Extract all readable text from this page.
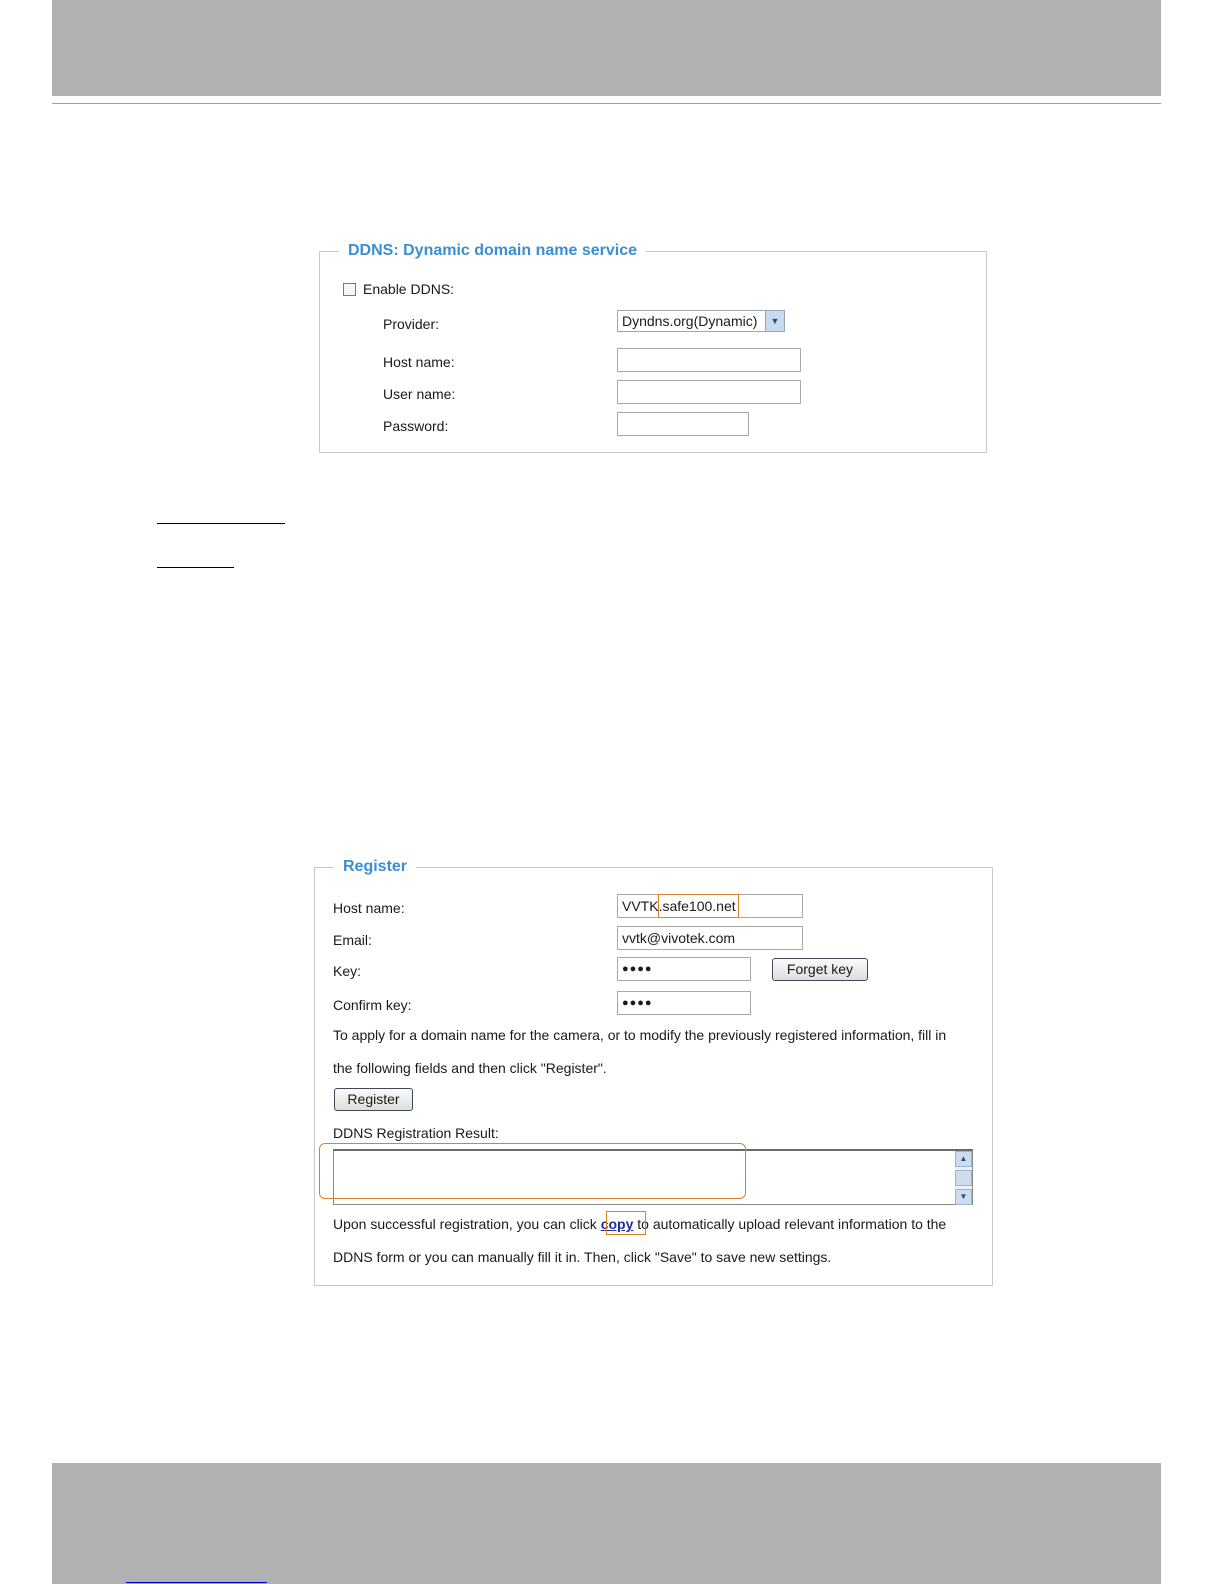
DDNS: Dynamic domain name service
Enable DDNS:
Provider:	Dyndns.org(Dynamic)	▼
Host name:
User name:
Password:
Register
Host name:	VVTK.safe100.net
Email:	vvtk@vivotek.com
Key:	●●●●	Forget key
Confirm key:	●●●●
To apply for a domain name for the camera, or to modify the previously registered information, fill in
the following fields and then click "Register".
Register
DDNS Registration Result:
▲
▼
Upon successful registration, you can click copy to automatically upload relevant information to the
DDNS form or you can manually fill it in. Then, click "Save" to save new settings.
